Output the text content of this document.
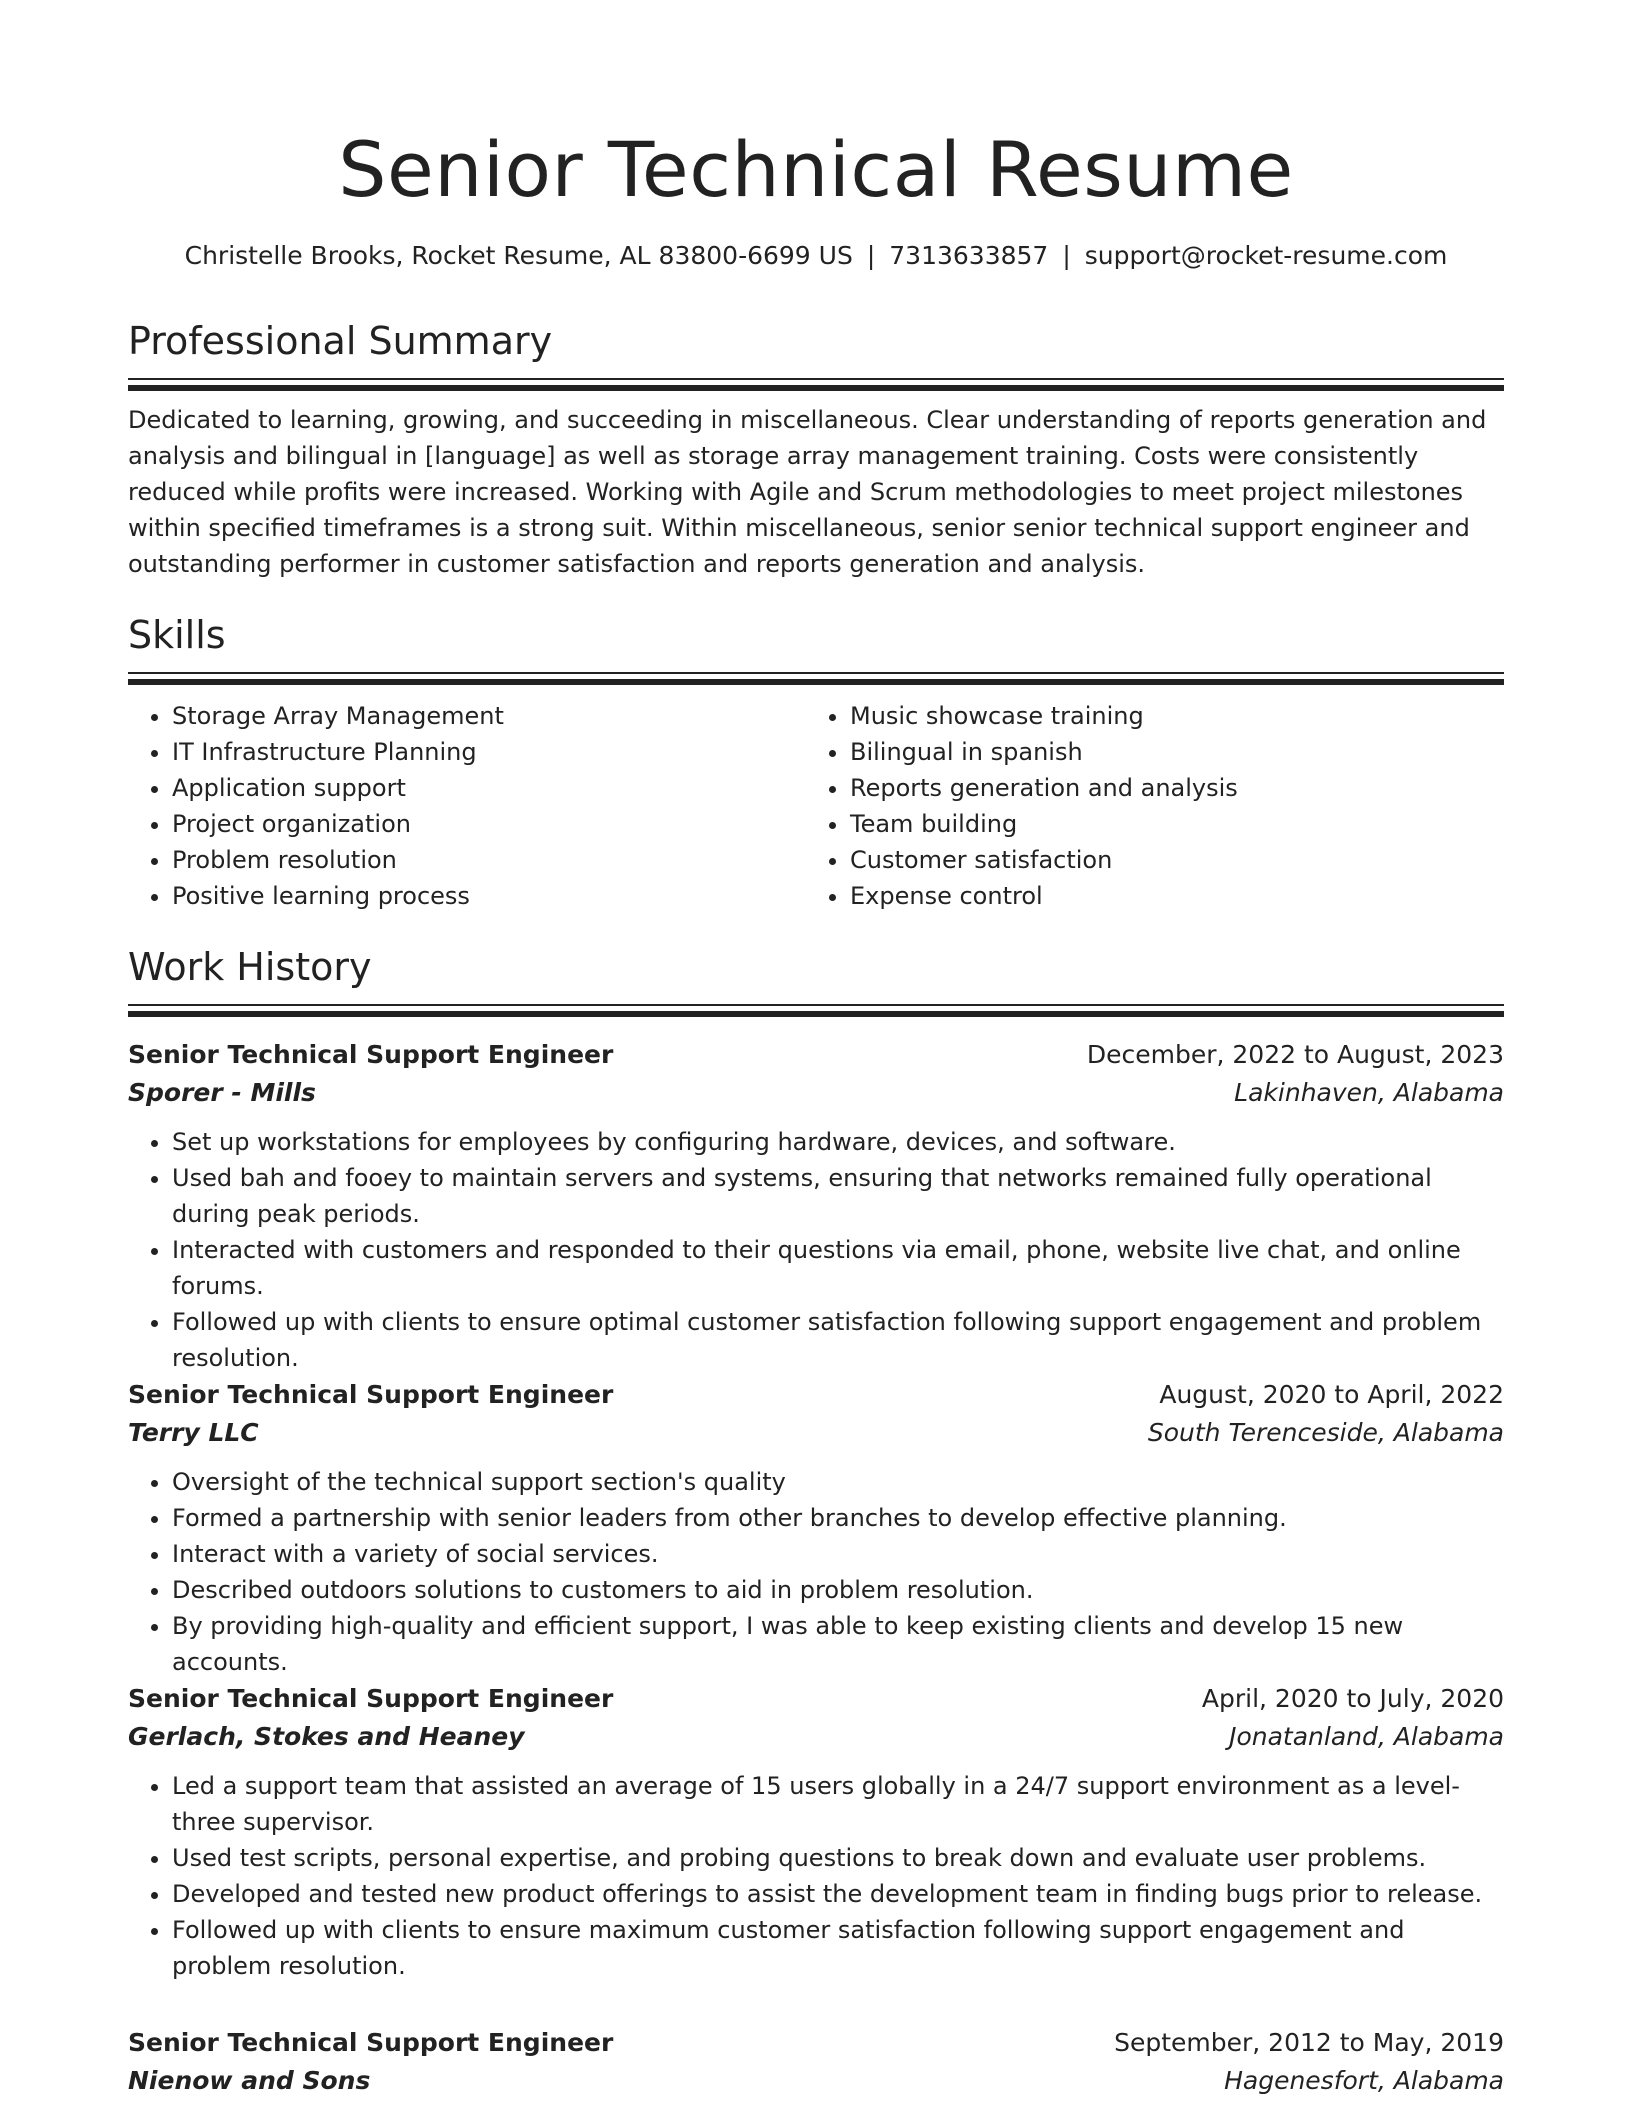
Senior Technical Resume
Christelle Brooks, Rocket Resume, AL 83800-6699 US | 7313633857 | support@rocket-resume.com
Professional Summary

Dedicated to learning, growing, and succeeding in miscellaneous. Clear understanding of reports generation and analysis and bilingual in [language] as well as storage array management training. Costs were consistently reduced while profits were increased. Working with Agile and Scrum methodologies to meet project milestones within specified timeframes is a strong suit. Within miscellaneous, senior senior technical support engineer and outstanding performer in customer satisfaction and reports generation and analysis.

Skills
• Storage Array Management
• IT Infrastructure Planning
• Application support
• Project organization
• Problem resolution
• Positive learning process
• Music showcase training
• Bilingual in spanish
• Reports generation and analysis
• Team building
• Customer satisfaction
• Expense control
Work History
Senior Technical Support Engineer	December, 2022 to August, 2023
Sporer - Mills	Lakinhaven, Alabama
• Set up workstations for employees by configuring hardware, devices, and software.
• Used bah and fooey to maintain servers and systems, ensuring that networks remained fully operational during peak periods.
• Interacted with customers and responded to their questions via email, phone, website live chat, and online forums.
• Followed up with clients to ensure optimal customer satisfaction following support engagement and problem resolution.
Senior Technical Support Engineer	August, 2020 to April, 2022
Terry LLC	South Terenceside, Alabama
• Oversight of the technical support section's quality
• Formed a partnership with senior leaders from other branches to develop effective planning.
• Interact with a variety of social services.
• Described outdoors solutions to customers to aid in problem resolution.
• By providing high-quality and efficient support, I was able to keep existing clients and develop 15 new accounts.
Senior Technical Support Engineer	April, 2020 to July, 2020
Gerlach, Stokes and Heaney	Jonatanland, Alabama
• Led a support team that assisted an average of 15 users globally in a 24/7 support environment as a level-three supervisor.
• Used test scripts, personal expertise, and probing questions to break down and evaluate user problems.
• Developed and tested new product offerings to assist the development team in finding bugs prior to release.
• Followed up with clients to ensure maximum customer satisfaction following support engagement and problem resolution.
Senior Technical Support Engineer	September, 2012 to May, 2019
Nienow and Sons	Hagenesfort, Alabama
